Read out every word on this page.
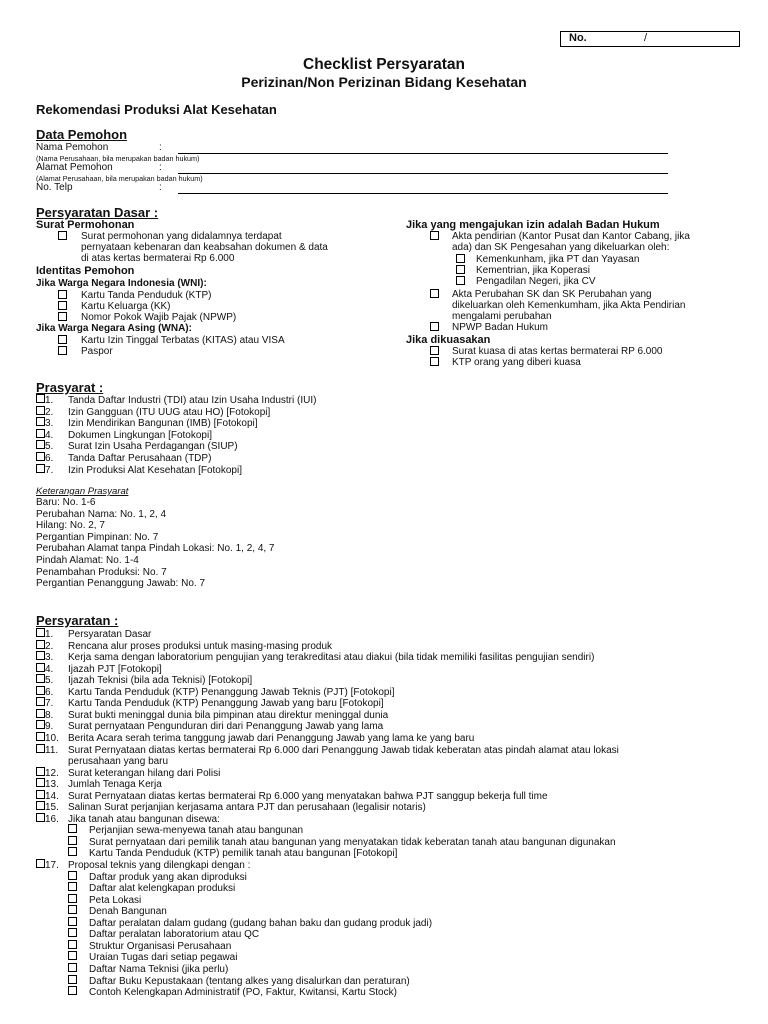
No.	/
Checklist Persyaratan
Perizinan/Non Perizinan Bidang Kesehatan
Rekomendasi Produksi Alat Kesehatan
Data Pemohon
Nama Pemohon	:
(Nama Perusahaan, bila merupakan badan hukum)
Alamat Pemohon	:
(Alamat Perusahaan, bila merupakan badan hukum)
No. Telp	:
Persyaratan Dasar :
Surat Permohonan
Surat permohonan yang didalamnya terdapat
pernyataan kebenaran dan keabsahan dokumen & data
di atas kertas bermaterai Rp 6.000
Identitas Pemohon
Jika Warga Negara Indonesia (WNI):
Kartu Tanda Penduduk (KTP)
Kartu Keluarga (KK)
Nomor Pokok Wajib Pajak (NPWP)
Jika Warga Negara Asing (WNA):
Kartu Izin Tinggal Terbatas (KITAS) atau VISA
Paspor
Jika yang mengajukan izin adalah Badan Hukum
Akta pendirian (Kantor Pusat dan Kantor Cabang, jika
ada) dan SK Pengesahan yang dikeluarkan oleh:
Kemenkunham, jika PT dan Yayasan
Kementrian, jika Koperasi
Pengadilan Negeri, jika CV
Akta Perubahan SK dan SK Perubahan yang
dikeluarkan oleh Kemenkumham, jika Akta Pendirian
mengalami perubahan
NPWP Badan Hukum
Jika dikuasakan
Surat kuasa di atas kertas bermaterai RP 6.000
KTP orang yang diberi kuasa
Prasyarat :
1. Tanda Daftar Industri (TDI) atau Izin Usaha Industri (IUI)
2. Izin Gangguan (ITU UUG atau HO) [Fotokopi]
3. Izin Mendirikan Bangunan (IMB) [Fotokopi]
4. Dokumen Lingkungan [Fotokopi]
5. Surat Izin Usaha Perdagangan (SIUP)
6. Tanda Daftar Perusahaan (TDP)
7. Izin Produksi Alat Kesehatan [Fotokopi]
Keterangan Prasyarat
Baru: No. 1-6
Perubahan Nama: No. 1, 2, 4
Hilang: No. 2, 7
Pergantian Pimpinan: No. 7
Perubahan Alamat tanpa Pindah Lokasi: No. 1, 2, 4, 7
Pindah Alamat: No. 1-4
Penambahan Produksi: No. 7
Pergantian Penanggung Jawab: No. 7
Persyaratan :
1. Persyaratan Dasar
2. Rencana alur proses produksi untuk masing-masing produk
3. Kerja sama dengan laboratorium pengujian yang terakreditasi atau diakui (bila tidak memiliki fasilitas pengujian sendiri)
4. Ijazah PJT [Fotokopi]
5. Ijazah Teknisi (bila ada Teknisi) [Fotokopi]
6. Kartu Tanda Penduduk (KTP) Penanggung Jawab Teknis (PJT) [Fotokopi]
7. Kartu Tanda Penduduk (KTP) Penanggung Jawab yang baru [Fotokopi]
8. Surat bukti meninggal dunia bila pimpinan atau direktur meninggal dunia
9. Surat pernyataan Pengunduran diri dari Penanggung Jawab yang lama
10. Berita Acara serah terima tanggung jawab dari Penanggung Jawab yang lama ke yang baru
11. Surat Pernyataan diatas kertas bermaterai Rp 6.000 dari Penanggung Jawab tidak keberatan atas pindah alamat atau lokasi
perusahaan yang baru
12. Surat keterangan hilang dari Polisi
13. Jumlah Tenaga Kerja
14. Surat Pernyataan diatas kertas bermaterai Rp 6.000 yang menyatakan bahwa PJT sanggup bekerja full time
15. Salinan Surat perjanjian kerjasama antara PJT dan perusahaan (legalisir notaris)
16. Jika tanah atau bangunan disewa:
Perjanjian sewa-menyewa tanah atau bangunan
Surat pernyataan dari pemilik tanah atau bangunan yang menyatakan tidak keberatan tanah atau bangunan digunakan
Kartu Tanda Penduduk (KTP) pemilik tanah atau bangunan [Fotokopi]
17. Proposal teknis yang dilengkapi dengan :
Daftar produk yang akan diproduksi
Daftar alat kelengkapan produksi
Peta Lokasi
Denah Bangunan
Daftar peralatan dalam gudang (gudang bahan baku dan gudang produk jadi)
Daftar peralatan laboratorium atau QC
Struktur Organisasi Perusahaan
Uraian Tugas dari setiap pegawai
Daftar Nama Teknisi (jika perlu)
Daftar Buku Kepustakaan (tentang alkes yang disalurkan dan peraturan)
Contoh Kelengkapan Administratif (PO, Faktur, Kwitansi, Kartu Stock)
